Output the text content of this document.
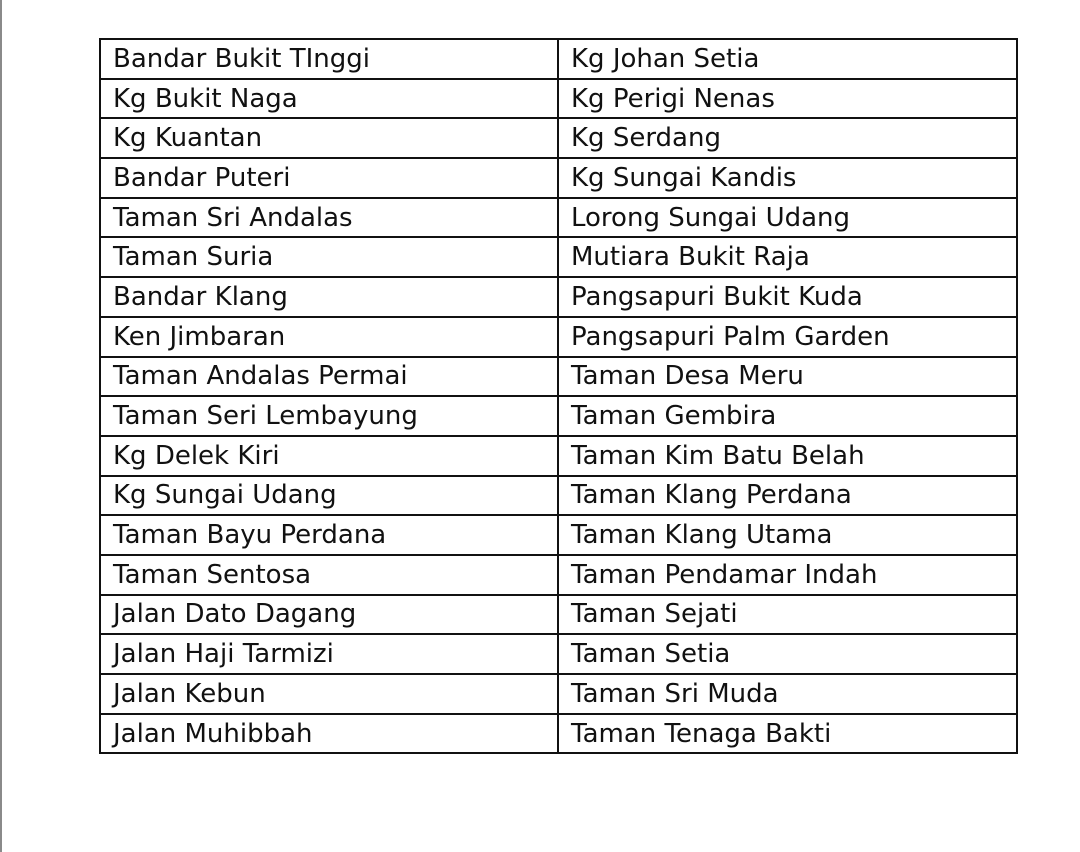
Bandar Bukit TInggi	Kg Johan Setia
Kg Bukit Naga	Kg Perigi Nenas
Kg Kuantan	Kg Serdang
Bandar Puteri	Kg Sungai Kandis
Taman Sri Andalas	Lorong Sungai Udang
Taman Suria	Mutiara Bukit Raja
Bandar Klang	Pangsapuri Bukit Kuda
Ken Jimbaran	Pangsapuri Palm Garden
Taman Andalas Permai	Taman Desa Meru
Taman Seri Lembayung	Taman Gembira
Kg Delek Kiri	Taman Kim Batu Belah
Kg Sungai Udang	Taman Klang Perdana
Taman Bayu Perdana	Taman Klang Utama
Taman Sentosa	Taman Pendamar Indah
Jalan Dato Dagang	Taman Sejati
Jalan Haji Tarmizi	Taman Setia
Jalan Kebun	Taman Sri Muda
Jalan Muhibbah	Taman Tenaga Bakti
